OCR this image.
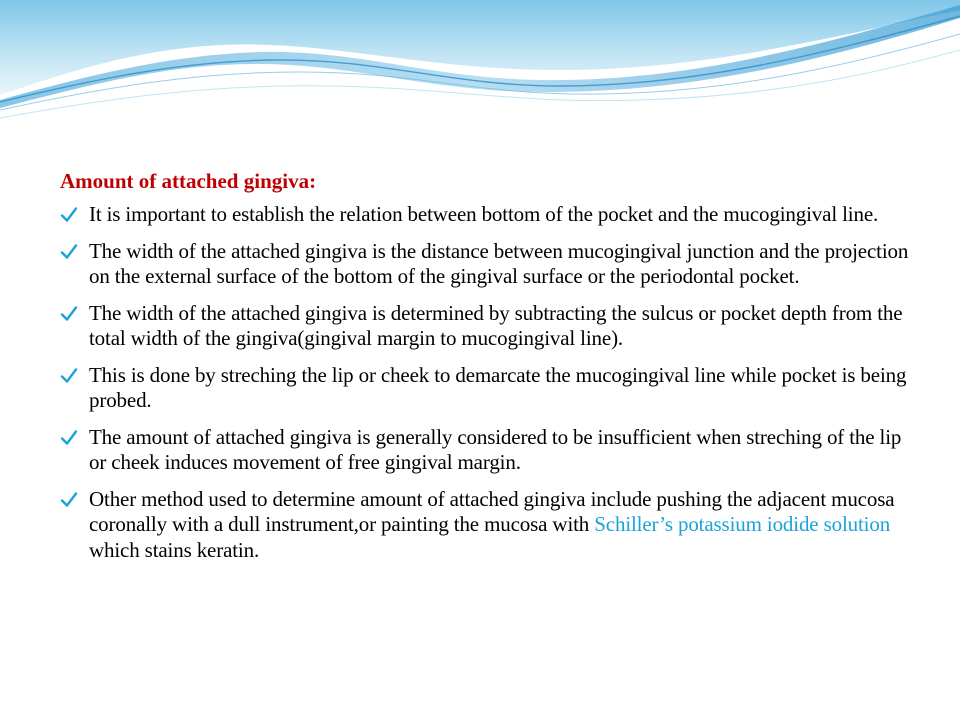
Amount of attached gingiva:
It is important to establish the relation between bottom of the pocket and the mucogingival line.
The width of the attached gingiva is the distance between mucogingival junction and the projection on the external surface of the bottom of the gingival surface or the periodontal pocket.
The width of the attached gingiva is determined by subtracting the sulcus or pocket depth from the total width of the gingiva(gingival margin to mucogingival line).
This is done by streching the lip or cheek to demarcate the mucogingival line while pocket is being probed.
The amount of attached gingiva is generally considered to be insufficient when streching of the lip or cheek induces movement of free gingival margin.
Other method used to determine amount of attached gingiva include pushing the adjacent mucosa coronally with a dull instrument,or painting the mucosa with Schiller’s potassium iodide solution which stains keratin.
